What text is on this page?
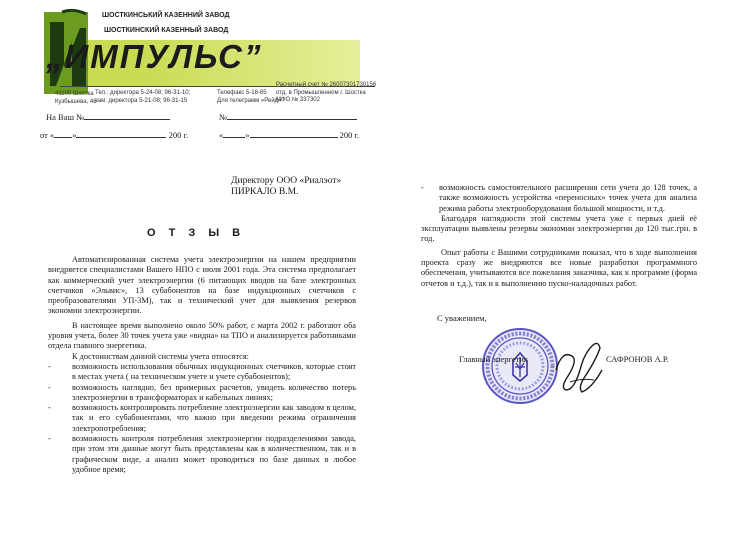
„ИМПУЛЬС”
ШОСТКИНСЬКИЙ КАЗЕННИЙ ЗАВОД
ШОСТКИНСКИЙ КАЗЕННЫЙ ЗАВОД
41100 Шостка
Кузбышева, 46
Тел.: директора 5-24-08; 96-31-10;
зам. директора 5-21-08; 96-31-15
Телефакс 5-18-65
Для телеграмм «Рейд»
Расчетный счет № 26007301730156
отд. в Промышленном г. Шостка
МФО № 337302
На Ваш №
от « »	200 г.
№
«	»	200 г.
Директору ООО «Риалэот»
ПИРКАЛО В.М.
О Т З Ы В
Автоматизированная система учета электроэнергии на нашем предприятии внедряется специалистами Вашего НПО с июля 2001 года. Эта система предполагает как коммерческий учет электроэнергии (6 питающих вводов на базе электронных счетчиков «Эльвис», 13 субабонентов на базе индукционных счетчиков с преобразователями УП-3М), так и технический учет для выявления резервов экономии электроэнергии.
В настоящее время выполнено около 50% работ, с марта 2002 г. работают оба уровня учета, более 30 точек учета уже «видна» на ТПО и анализируется работниками отдела главного энергетика.
К достоинствам данной системы учета относятся:
-	возможность использования обычных индукционных счетчиков, которые стоят в местах учета ( на техническом учете и учете субабонентов);
-	возможность наглядно, без примерных расчетов, увидеть количество потерь электроэнергии в трансформаторах и кабельных линиях;
-	возможность контролировать потребление электроэнергии как заводом в целом, так и его субабонентами, что важно при введении режима ограничения электропотребления;
-	возможность контроля потребления электроэнергии подразделениями завода, при этом эти данные могут быть представлены как в количественном, так и в графическом виде, а анализ может проводиться по базе данных в любое удобное время;
- возможность самостоятельного расширения сети учета до 128 точек, а также возможность устройства «переносных» точек учета для анализа режима работы электрооборудования большой мощности, и т.д.
Благодаря наглядности этой системы учета уже с первых дней её эксплуатации выявлены резервы экономии электроэнергии до 120 тыс.грн. в год.
Опыт работы с Вашими сотрудниками показал, что в ходе выполнения проекта сразу же внедряются все новые разработки программного обеспечения, учитываются все пожелания заказчика, как к программе (форма отчетов и т.д.), так и к выполнению пуско-наладочных работ.
С уважением,
Главный энергетик	САФРОНОВ А.Р.
